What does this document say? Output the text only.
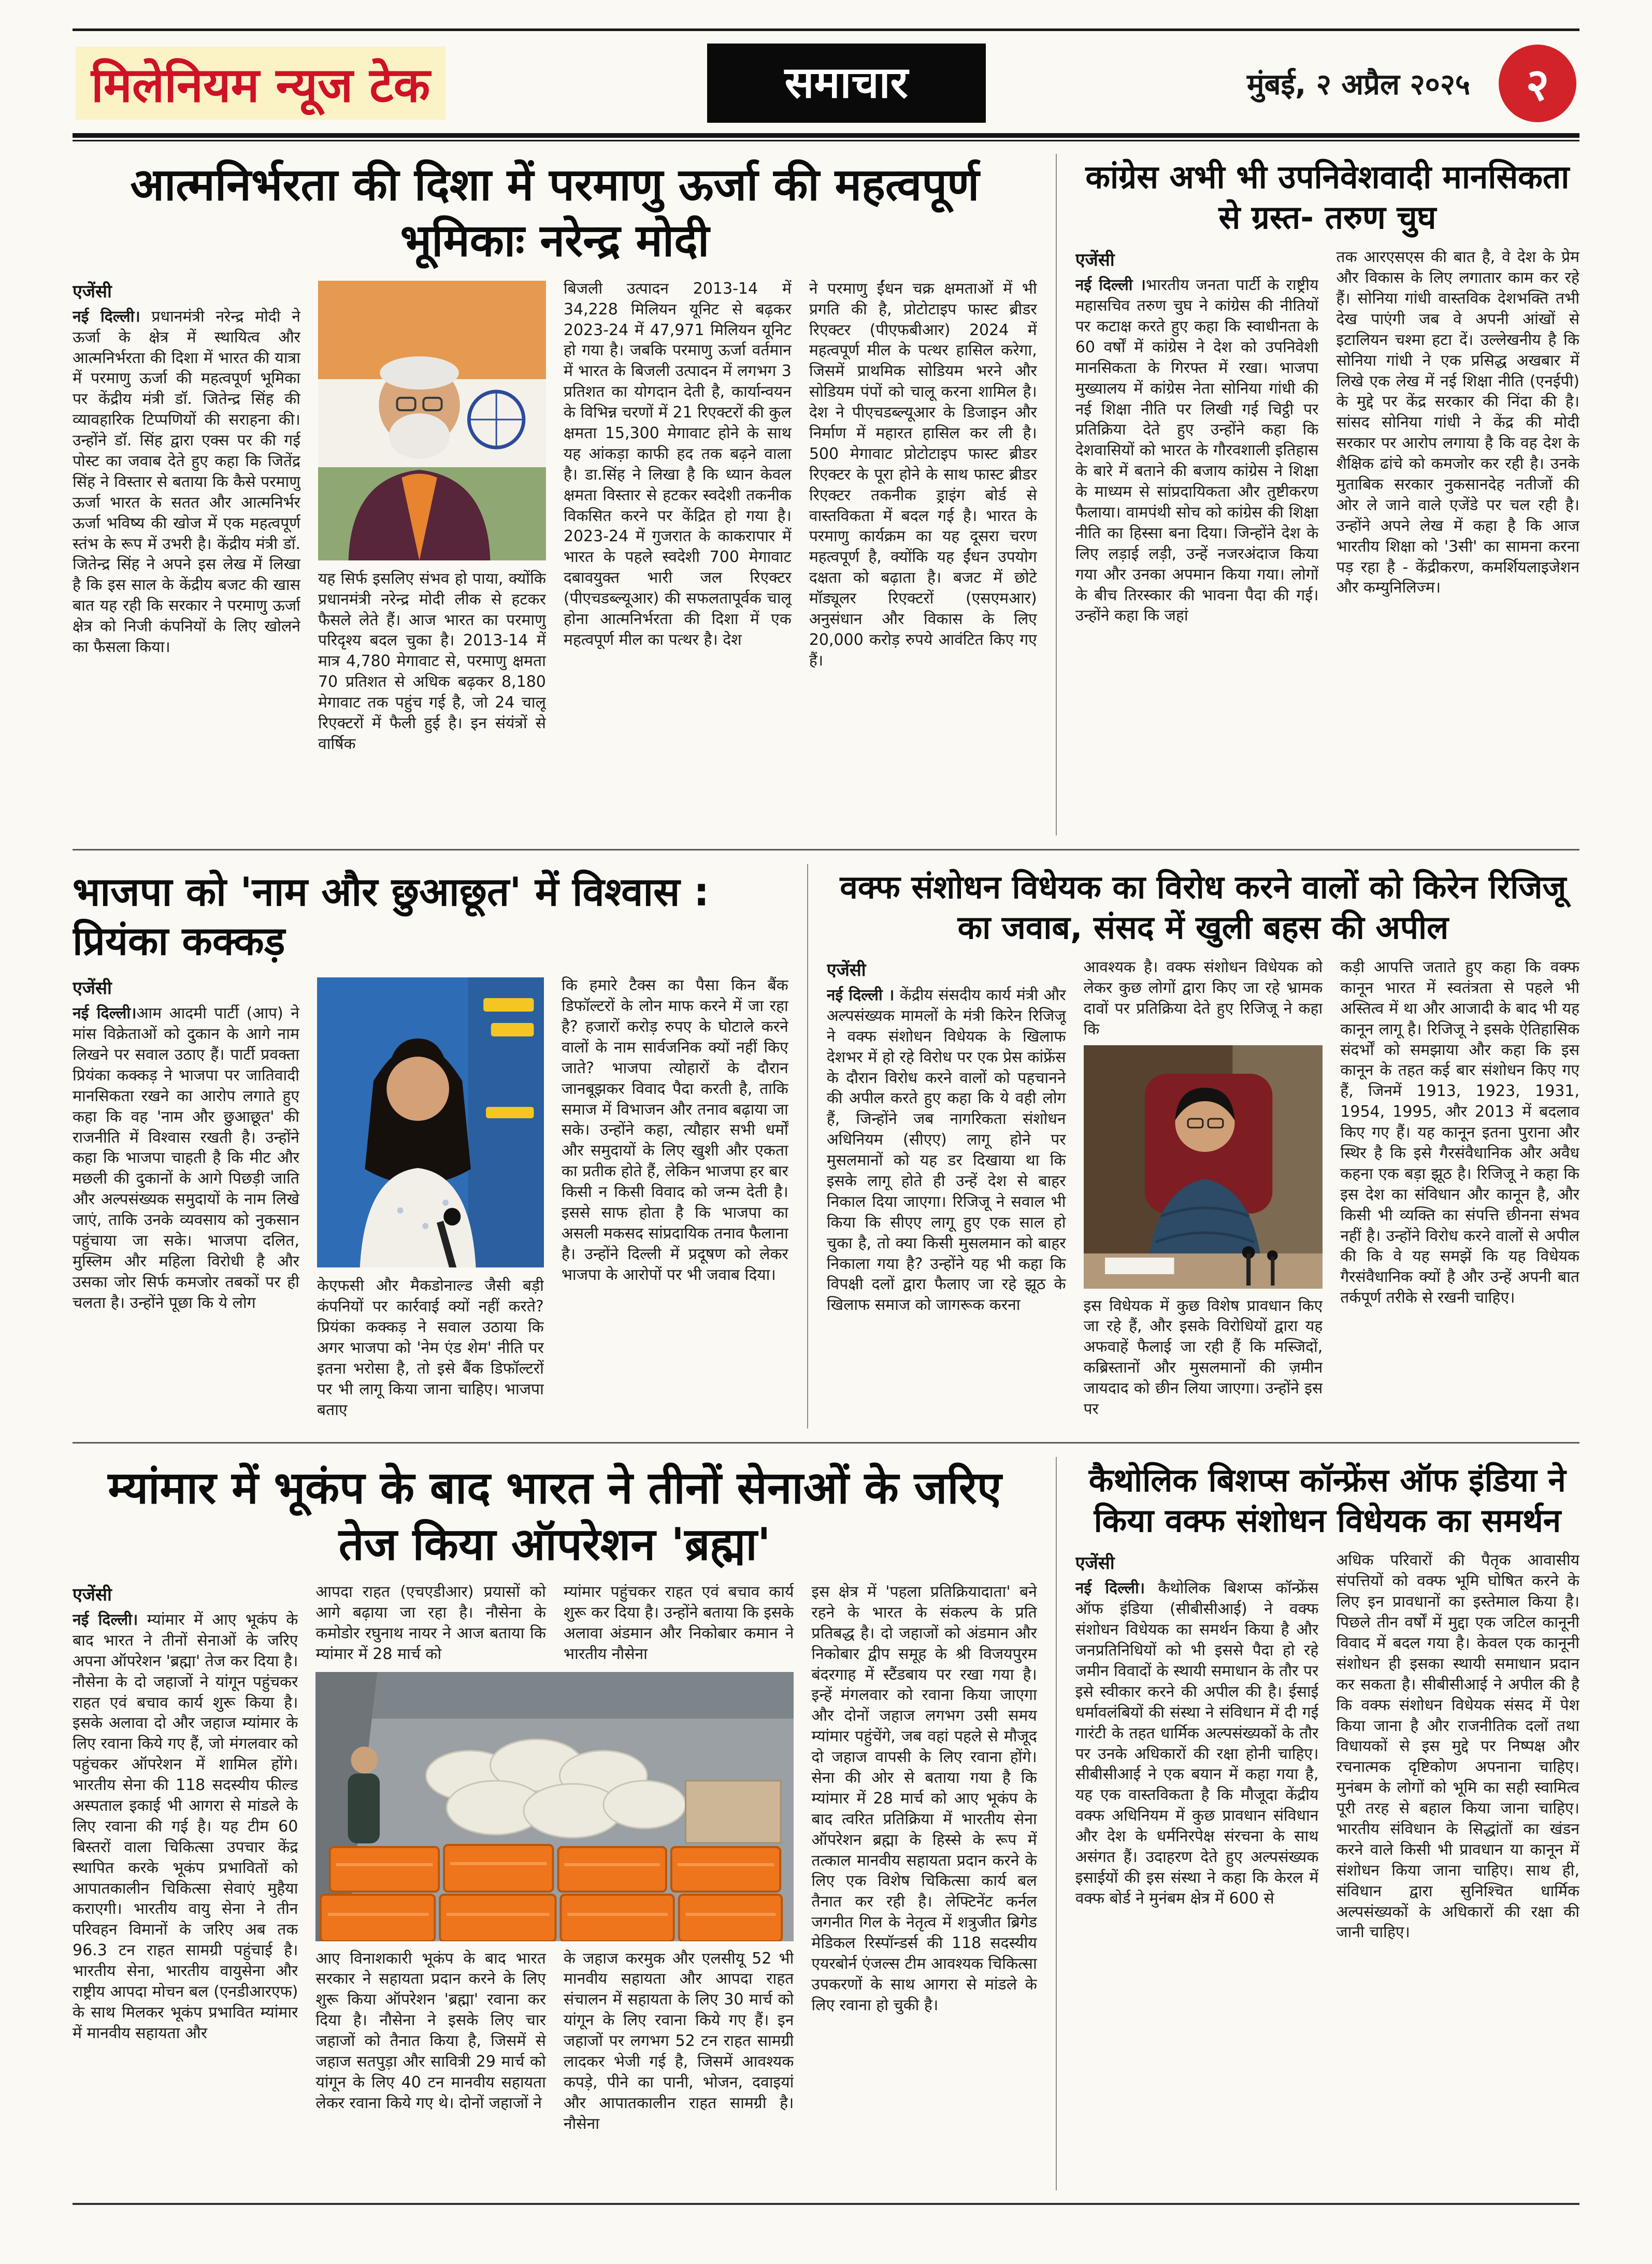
मिलेनियम न्यूज टेक	समाचार	मुंबई, २ अप्रैल २०२५	२
आत्मनिर्भरता की दिशा में परमाणु ऊर्जा की महत्वपूर्ण भूमिकाः नरेन्द्र मोदी
एजेंसी

नई दिल्ली। प्रधानमंत्री नरेन्द्र मोदी ने ऊर्जा के क्षेत्र में स्थायित्व और आत्मनिर्भरता की दिशा में भारत की यात्रा में परमाणु ऊर्जा की महत्वपूर्ण भूमिका पर केंद्रीय मंत्री डॉ. जितेन्द्र सिंह की व्यावहारिक टिप्पणियों की सराहना की। उन्होंने डॉ. सिंह द्वारा एक्स पर की गई पोस्ट का जवाब देते हुए कहा कि जितेंद्र सिंह ने विस्तार से बताया कि कैसे परमाणु ऊर्जा भारत के सतत और आत्मनिर्भर ऊर्जा भविष्य की खोज में एक महत्वपूर्ण स्तंभ के रूप में उभरी है। केंद्रीय मंत्री डॉ. जितेन्द्र सिंह ने अपने इस लेख में लिखा है कि इस साल के केंद्रीय बजट की खास बात यह रही कि सरकार ने परमाणु ऊर्जा क्षेत्र को निजी कंपनियों के लिए खोलने का फैसला किया।

यह सिर्फ इसलिए संभव हो पाया, क्योंकि प्रधानमंत्री नरेन्द्र मोदी लीक से हटकर फैसले लेते हैं। आज भारत का परमाणु परिदृश्य बदल चुका है। 2013-14 में मात्र 4,780 मेगावाट से, परमाणु क्षमता 70 प्रतिशत से अधिक बढ़कर 8,180 मेगावाट तक पहुंच गई है, जो 24 चालू रिएक्टरों में फैली हुई है। इन संयंत्रों से वार्षिक

बिजली उत्पादन 2013-14 में 34,228 मिलियन यूनिट से बढ़कर 2023-24 में 47,971 मिलियन यूनिट हो गया है। जबकि परमाणु ऊर्जा वर्तमान में भारत के बिजली उत्पादन में लगभग 3 प्रतिशत का योगदान देती है, कार्यान्वयन के विभिन्न चरणों में 21 रिएक्टरों की कुल क्षमता 15,300 मेगावाट होने के साथ यह आंकड़ा काफी हद तक बढ़ने वाला है। डा.सिंह ने लिखा है कि ध्यान केवल क्षमता विस्तार से हटकर स्वदेशी तकनीक विकसित करने पर केंद्रित हो गया है। 2023-24 में गुजरात के काकरापार में भारत के पहले स्वदेशी 700 मेगावाट दबावयुक्त भारी जल रिएक्टर (पीएचडब्ल्यूआर) की सफलतापूर्वक चालू होना आत्मनिर्भरता की दिशा में एक महत्वपूर्ण मील का पत्थर है। देश

ने परमाणु ईंधन चक्र क्षमताओं में भी प्रगति की है, प्रोटोटाइप फास्ट ब्रीडर रिएक्टर (पीएफबीआर) 2024 में महत्वपूर्ण मील के पत्थर हासिल करेगा, जिसमें प्राथमिक सोडियम भरने और सोडियम पंपों को चालू करना शामिल है। देश ने पीएचडब्ल्यूआर के डिजाइन और निर्माण में महारत हासिल कर ली है। 500 मेगावाट प्रोटोटाइप फास्ट ब्रीडर रिएक्टर के पूरा होने के साथ फास्ट ब्रीडर रिएक्टर तकनीक ड्राइंग बोर्ड से वास्तविकता में बदल गई है। भारत के परमाणु कार्यक्रम का यह दूसरा चरण महत्वपूर्ण है, क्योंकि यह ईंधन उपयोग दक्षता को बढ़ाता है। बजट में छोटे मॉड्यूलर रिएक्टरों (एसएमआर) अनुसंधान और विकास के लिए 20,000 करोड़ रुपये आवंटित किए गए हैं।

कांग्रेस अभी भी उपनिवेशवादी मानसिकता से ग्रस्त- तरुण चुघ
एजेंसी

नई दिल्ली ।भारतीय जनता पार्टी के राष्ट्रीय महासचिव तरुण चुघ ने कांग्रेस की नीतियों पर कटाक्ष करते हुए कहा कि स्वाधीनता के 60 वर्षों में कांग्रेस ने देश को उपनिवेशी मानसिकता के गिरफ्त में रखा। भाजपा मुख्यालय में कांग्रेस नेता सोनिया गांधी की नई शिक्षा नीति पर लिखी गई चिट्ठी पर प्रतिक्रिया देते हुए उन्होंने कहा कि देशवासियों को भारत के गौरवशाली इतिहास के बारे में बताने की बजाय कांग्रेस ने शिक्षा के माध्यम से सांप्रदायिकता और तुष्टीकरण फैलाया। वामपंथी सोच को कांग्रेस की शिक्षा नीति का हिस्सा बना दिया। जिन्होंने देश के लिए लड़ाई लड़ी, उन्हें नजरअंदाज किया गया और उनका अपमान किया गया। लोगों के बीच तिरस्कार की भावना पैदा की गई। उन्होंने कहा कि जहां

तक आरएसएस की बात है, वे देश के प्रेम और विकास के लिए लगातार काम कर रहे हैं। सोनिया गांधी वास्तविक देशभक्ति तभी देख पाएंगी जब वे अपनी आंखों से इटालियन चश्मा हटा दें। उल्लेखनीय है कि सोनिया गांधी ने एक प्रसिद्ध अखबार में लिखे एक लेख में नई शिक्षा नीति (एनईपी) के मुद्दे पर केंद्र सरकार की निंदा की है। सांसद सोनिया गांधी ने केंद्र की मोदी सरकार पर आरोप लगाया है कि वह देश के शैक्षिक ढांचे को कमजोर कर रही है। उनके मुताबिक सरकार नुकसानदेह नतीजों की ओर ले जाने वाले एजेंडे पर चल रही है। उन्होंने अपने लेख में कहा है कि आज भारतीय शिक्षा को '3सी' का सामना करना पड़ रहा है - केंद्रीकरण, कमर्शियलाइजेशन और कम्युनिलिज्म।

भाजपा को 'नाम और छुआछूत' में विश्वास : प्रियंका कक्कड़
एजेंसी

नई दिल्ली।आम आदमी पार्टी (आप) ने मांस विक्रेताओं को दुकान के आगे नाम लिखने पर सवाल उठाए हैं। पार्टी प्रवक्ता प्रियंका कक्कड़ ने भाजपा पर जातिवादी मानसिकता रखने का आरोप लगाते हुए कहा कि वह 'नाम और छुआछूत' की राजनीति में विश्वास रखती है। उन्होंने कहा कि भाजपा चाहती है कि मीट और मछली की दुकानों के आगे पिछड़ी जाति और अल्पसंख्यक समुदायों के नाम लिखे जाएं, ताकि उनके व्यवसाय को नुकसान पहुंचाया जा सके। भाजपा दलित, मुस्लिम और महिला विरोधी है और उसका जोर सिर्फ कमजोर तबकों पर ही चलता है। उन्होंने पूछा कि ये लोग

केएफसी और मैकडोनाल्ड जैसी बड़ी कंपनियों पर कार्रवाई क्यों नहीं करते? प्रियंका कक्कड़ ने सवाल उठाया कि अगर भाजपा को 'नेम एंड शेम' नीति पर इतना भरोसा है, तो इसे बैंक डिफॉल्टरों पर भी लागू किया जाना चाहिए। भाजपा बताए

कि हमारे टैक्स का पैसा किन बैंक डिफॉल्टरों के लोन माफ करने में जा रहा है? हजारों करोड़ रुपए के घोटाले करने वालों के नाम सार्वजनिक क्यों नहीं किए जाते? भाजपा त्योहारों के दौरान जानबूझकर विवाद पैदा करती है, ताकि समाज में विभाजन और तनाव बढ़ाया जा सके। उन्होंने कहा, त्यौहार सभी धर्मों और समुदायों के लिए खुशी और एकता का प्रतीक होते हैं, लेकिन भाजपा हर बार किसी न किसी विवाद को जन्म देती है। इससे साफ होता है कि भाजपा का असली मकसद सांप्रदायिक तनाव फैलाना है। उन्होंने दिल्ली में प्रदूषण को लेकर भाजपा के आरोपों पर भी जवाब दिया।

वक्फ संशोधन विधेयक का विरोध करने वालों को किरेन रिजिजू का जवाब, संसद में खुली बहस की अपील
एजेंसी

नई दिल्ली । केंद्रीय संसदीय कार्य मंत्री और अल्पसंख्यक मामलों के मंत्री किरेन रिजिजू ने वक्फ संशोधन विधेयक के खिलाफ देशभर में हो रहे विरोध पर एक प्रेस कांफ्रेंस के दौरान विरोध करने वालों को पहचानने की अपील करते हुए कहा कि ये वही लोग हैं, जिन्होंने जब नागरिकता संशोधन अधिनियम (सीएए) लागू होने पर मुसलमानों को यह डर दिखाया था कि इसके लागू होते ही उन्हें देश से बाहर निकाल दिया जाएगा। रिजिजू ने सवाल भी किया कि सीएए लागू हुए एक साल हो चुका है, तो क्या किसी मुसलमान को बाहर निकाला गया है? उन्होंने यह भी कहा कि विपक्षी दलों द्वारा फैलाए जा रहे झूठ के खिलाफ समाज को जागरूक करना

आवश्यक है। वक्फ संशोधन विधेयक को लेकर कुछ लोगों द्वारा किए जा रहे भ्रामक दावों पर प्रतिक्रिया देते हुए रिजिजू ने कहा कि

इस विधेयक में कुछ विशेष प्रावधान किए जा रहे हैं, और इसके विरोधियों द्वारा यह अफवाहें फैलाई जा रही हैं कि मस्जिदों, कब्रिस्तानों और मुसलमानों की ज़मीन जायदाद को छीन लिया जाएगा। उन्होंने इस पर

कड़ी आपत्ति जताते हुए कहा कि वक्फ कानून भारत में स्वतंत्रता से पहले भी अस्तित्व में था और आजादी के बाद भी यह कानून लागू है। रिजिजू ने इसके ऐतिहासिक संदर्भों को समझाया और कहा कि इस कानून के तहत कई बार संशोधन किए गए हैं, जिनमें 1913, 1923, 1931, 1954, 1995, और 2013 में बदलाव किए गए हैं। यह कानून इतना पुराना और स्थिर है कि इसे गैरसंवैधानिक और अवैध कहना एक बड़ा झूठ है। रिजिजू ने कहा कि इस देश का संविधान और कानून है, और किसी भी व्यक्ति का संपत्ति छीनना संभव नहीं है। उन्होंने विरोध करने वालों से अपील की कि वे यह समझें कि यह विधेयक गैरसंवैधानिक क्यों है और उन्हें अपनी बात तर्कपूर्ण तरीके से रखनी चाहिए।

म्यांमार में भूकंप के बाद भारत ने तीनों सेनाओं के जरिए तेज किया ऑपरेशन 'ब्रह्मा'
एजेंसी

नई दिल्ली। म्यांमार में आए भूकंप के बाद भारत ने तीनों सेनाओं के जरिए अपना ऑपरेशन 'ब्रह्मा' तेज कर दिया है। नौसेना के दो जहाजों ने यांगून पहुंचकर राहत एवं बचाव कार्य शुरू किया है। इसके अलावा दो और जहाज म्यांमार के लिए रवाना किये गए हैं, जो मंगलवार को पहुंचकर ऑपरेशन में शामिल होंगे। भारतीय सेना की 118 सदस्यीय फील्ड अस्पताल इकाई भी आगरा से मांडले के लिए रवाना की गई है। यह टीम 60 बिस्तरों वाला चिकित्सा उपचार केंद्र स्थापित करके भूकंप प्रभावितों को आपातकालीन चिकित्सा सेवाएं मुहैया कराएगी। भारतीय वायु सेना ने तीन परिवहन विमानों के जरिए अब तक 96.3 टन राहत सामग्री पहुंचाई है। भारतीय सेना, भारतीय वायुसेना और राष्ट्रीय आपदा मोचन बल (एनडीआरएफ) के साथ मिलकर भूकंप प्रभावित म्यांमार में मानवीय सहायता और

आपदा राहत (एचएडीआर) प्रयासों को आगे बढ़ाया जा रहा है। नौसेना के कमोडोर रघुनाथ नायर ने आज बताया कि म्यांमार में 28 मार्च को

म्यांमार पहुंचकर राहत एवं बचाव कार्य शुरू कर दिया है। उन्होंने बताया कि इसके अलावा अंडमान और निकोबार कमान ने भारतीय नौसेना

आए विनाशकारी भूकंप के बाद भारत सरकार ने सहायता प्रदान करने के लिए शुरू किया ऑपरेशन 'ब्रह्मा' रवाना कर दिया है। नौसेना ने इसके लिए चार जहाजों को तैनात किया है, जिसमें से जहाज सतपुड़ा और सावित्री 29 मार्च को यांगून के लिए 40 टन मानवीय सहायता लेकर रवाना किये गए थे। दोनों जहाजों ने

के जहाज करमुक और एलसीयू 52 भी मानवीय सहायता और आपदा राहत संचालन में सहायता के लिए 30 मार्च को यांगून के लिए रवाना किये गए हैं। इन जहाजों पर लगभग 52 टन राहत सामग्री लादकर भेजी गई है, जिसमें आवश्यक कपड़े, पीने का पानी, भोजन, दवाइयां और आपातकालीन राहत सामग्री है। नौसेना

इस क्षेत्र में 'पहला प्रतिक्रियादाता' बने रहने के भारत के संकल्प के प्रति प्रतिबद्ध है। दो जहाजों को अंडमान और निकोबार द्वीप समूह के श्री विजयपुरम बंदरगाह में स्टैंडबाय पर रखा गया है। इन्हें मंगलवार को रवाना किया जाएगा और दोनों जहाज लगभग उसी समय म्यांमार पहुंचेंगे, जब वहां पहले से मौजूद दो जहाज वापसी के लिए रवाना होंगे। सेना की ओर से बताया गया है कि म्यांमार में 28 मार्च को आए भूकंप के बाद त्वरित प्रतिक्रिया में भारतीय सेना ऑपरेशन ब्रह्मा के हिस्से के रूप में तत्काल मानवीय सहायता प्रदान करने के लिए एक विशेष चिकित्सा कार्य बल तैनात कर रही है। लेफ्टिनेंट कर्नल जगनीत गिल के नेतृत्व में शत्रुजीत ब्रिगेड मेडिकल रिस्पॉन्डर्स की 118 सदस्यीय एयरबोर्न एंजल्स टीम आवश्यक चिकित्सा उपकरणों के साथ आगरा से मांडले के लिए रवाना हो चुकी है।

कैथोलिक बिशप्स कॉन्फ्रेंस ऑफ इंडिया ने किया वक्फ संशोधन विधेयक का समर्थन
एजेंसी

नई दिल्ली। कैथोलिक बिशप्स कॉन्फ्रेंस ऑफ इंडिया (सीबीसीआई) ने वक्फ संशोधन विधेयक का समर्थन किया है और जनप्रतिनिधियों को भी इससे पैदा हो रहे जमीन विवादों के स्थायी समाधान के तौर पर इसे स्वीकार करने की अपील की है। ईसाई धर्मावलंबियों की संस्था ने संविधान में दी गई गारंटी के तहत धार्मिक अल्पसंख्यकों के तौर पर उनके अधिकारों की रक्षा होनी चाहिए। सीबीसीआई ने एक बयान में कहा गया है, यह एक वास्तविकता है कि मौजूदा केंद्रीय वक्फ अधिनियम में कुछ प्रावधान संविधान और देश के धर्मनिरपेक्ष संरचना के साथ असंगत हैं। उदाहरण देते हुए अल्पसंख्यक इसाईयों की इस संस्था ने कहा कि केरल में वक्फ बोर्ड ने मुनंबम क्षेत्र में 600 से

अधिक परिवारों की पैतृक आवासीय संपत्तियों को वक्फ भूमि घोषित करने के लिए इन प्रावधानों का इस्तेमाल किया है। पिछले तीन वर्षों में मुद्दा एक जटिल कानूनी विवाद में बदल गया है। केवल एक कानूनी संशोधन ही इसका स्थायी समाधान प्रदान कर सकता है। सीबीसीआई ने अपील की है कि वक्फ संशोधन विधेयक संसद में पेश किया जाना है और राजनीतिक दलों तथा विधायकों से इस मुद्दे पर निष्पक्ष और रचनात्मक दृष्टिकोण अपनाना चाहिए। मुनंबम के लोगों को भूमि का सही स्वामित्व पूरी तरह से बहाल किया जाना चाहिए। भारतीय संविधान के सिद्धांतों का खंडन करने वाले किसी भी प्रावधान या कानून में संशोधन किया जाना चाहिए। साथ ही, संविधान द्वारा सुनिश्चित धार्मिक अल्पसंख्यकों के अधिकारों की रक्षा की जानी चाहिए।
